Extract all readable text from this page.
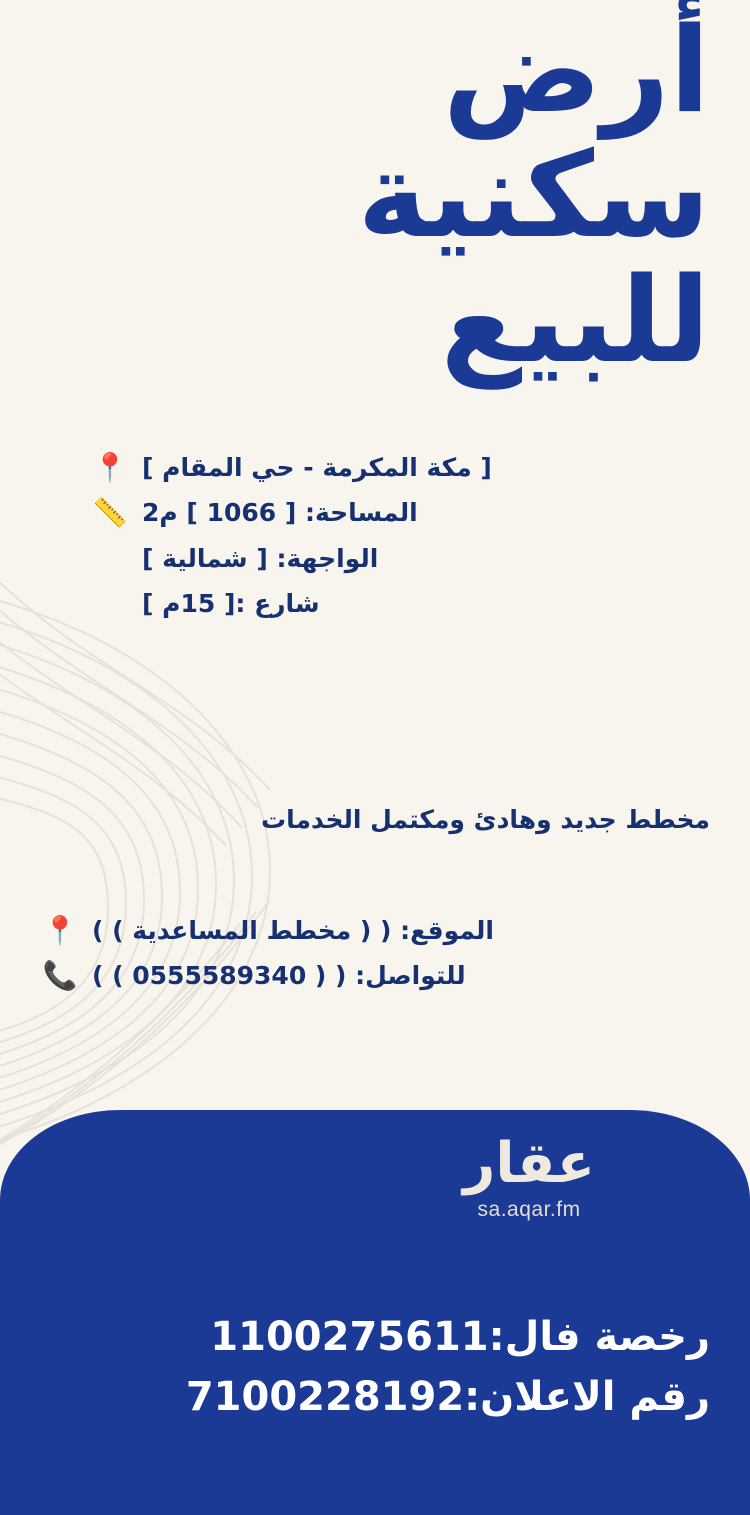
أرض
سكنية
للبيع
📍 [ مكة المكرمة - حي المقام ]
📏 المساحة: [ 1066 ] م2
الواجهة: [ شمالية ]
شارع :[ 15م ]
مخطط جديد وهادئ ومكتمل الخدمات
📍 الموقع: ( ( مخطط المساعدية ) )
📞 للتواصل: ( ( 0555589340 ) )
عقار
sa.aqar.fm
رخصة فال:1100275611
رقم الاعلان:7100228192
